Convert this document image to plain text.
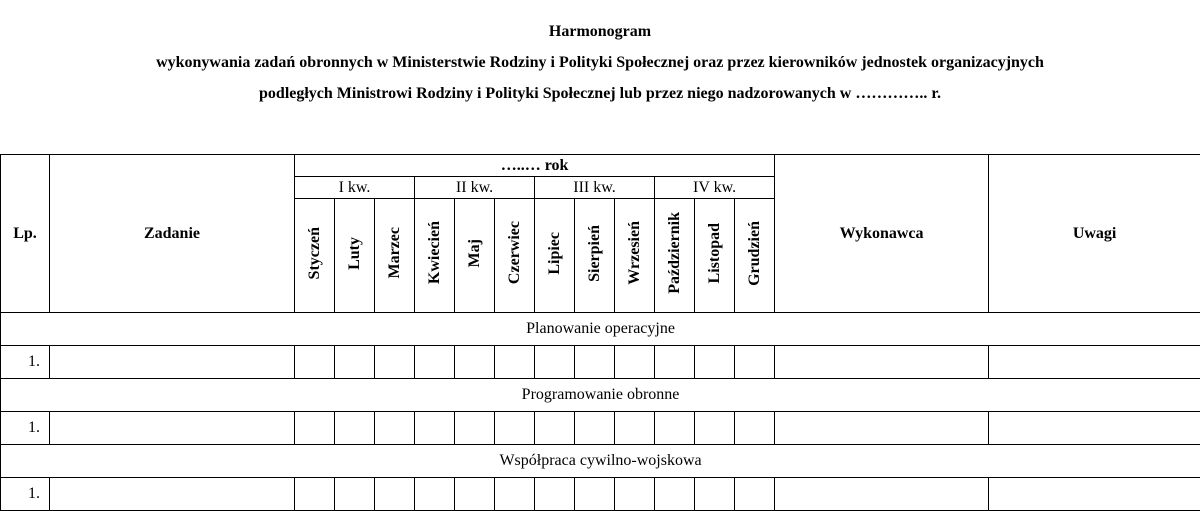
Harmonogram
wykonywania zadań obronnych w Ministerstwie Rodziny i Polityki Społecznej oraz przez kierowników jednostek organizacyjnych
podległych Ministrowi Rodziny i Polityki Społecznej lub przez niego nadzorowanych w ………….. r.
Lp.	Zadanie	…..… rok												Wykonawca	Uwagi
		I kw.			II kw.			III kw.			IV kw.				
		Styczeń	Luty	Marzec	Kwiecień	Maj	Czerwiec	Lipiec	Sierpień	Wrzesień	Październik	Listopad	Grudzień		
Planowanie operacyjne															
1.															
Programowanie obronne															
1.															
Współpraca cywilno-wojskowa															
1.															
